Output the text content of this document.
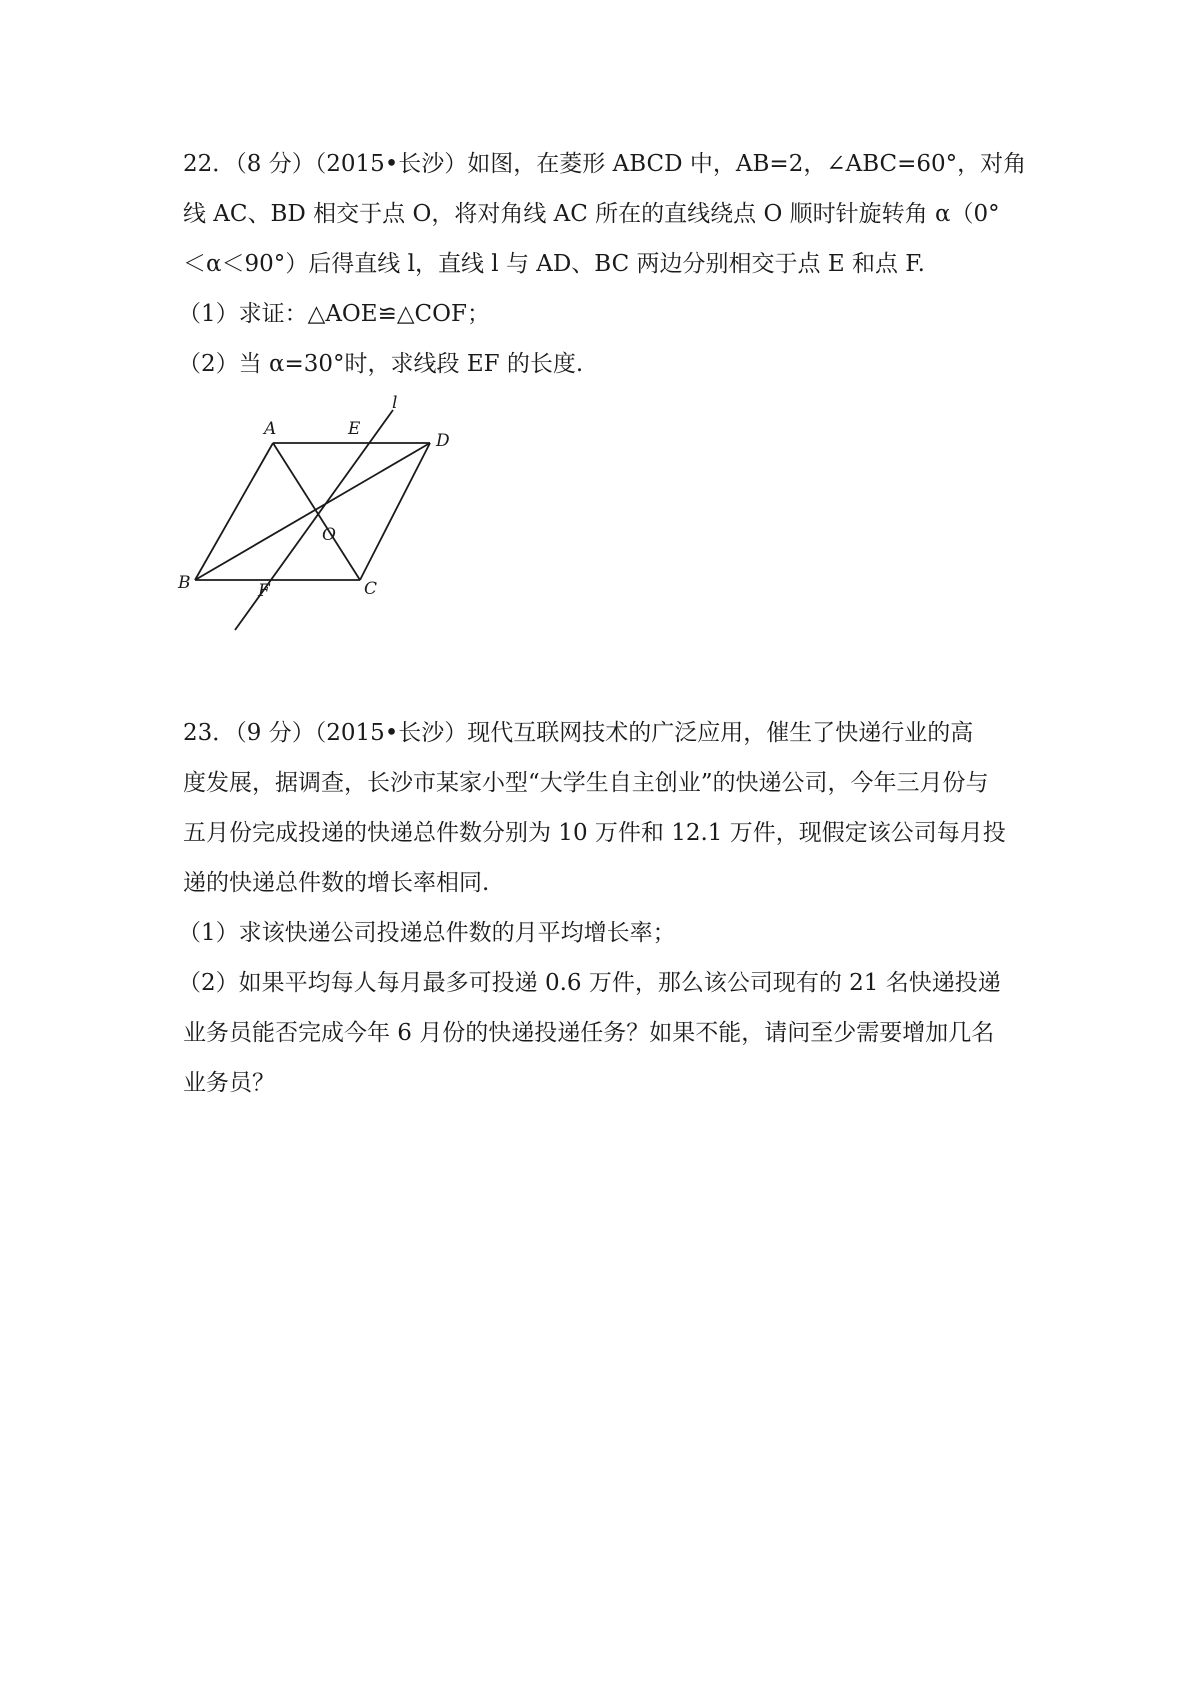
22．（8 分）（2015•长沙）如图，在菱形 ABCD 中，AB=2，∠ABC=60°，对角
线 AC、BD 相交于点 O，将对角线 AC 所在的直线绕点 O 顺时针旋转角 α（0°
＜α＜90°）后得直线 l，直线 l 与 AD、BC 两边分别相交于点 E 和点 F.
（1）求证：△AOE≌△COF；
（2）当 α=30°时，求线段 EF 的长度.
l
A	E
D
O
B	F	C
23．（9 分）（2015•长沙）现代互联网技术的广泛应用，催生了快递行业的高
度发展，据调查，长沙市某家小型“大学生自主创业”的快递公司，今年三月份与
五月份完成投递的快递总件数分别为 10 万件和 12.1 万件，现假定该公司每月投
递的快递总件数的增长率相同.
（1）求该快递公司投递总件数的月平均增长率；
（2）如果平均每人每月最多可投递 0.6 万件，那么该公司现有的 21 名快递投递
业务员能否完成今年 6 月份的快递投递任务？如果不能，请问至少需要增加几名
业务员？
